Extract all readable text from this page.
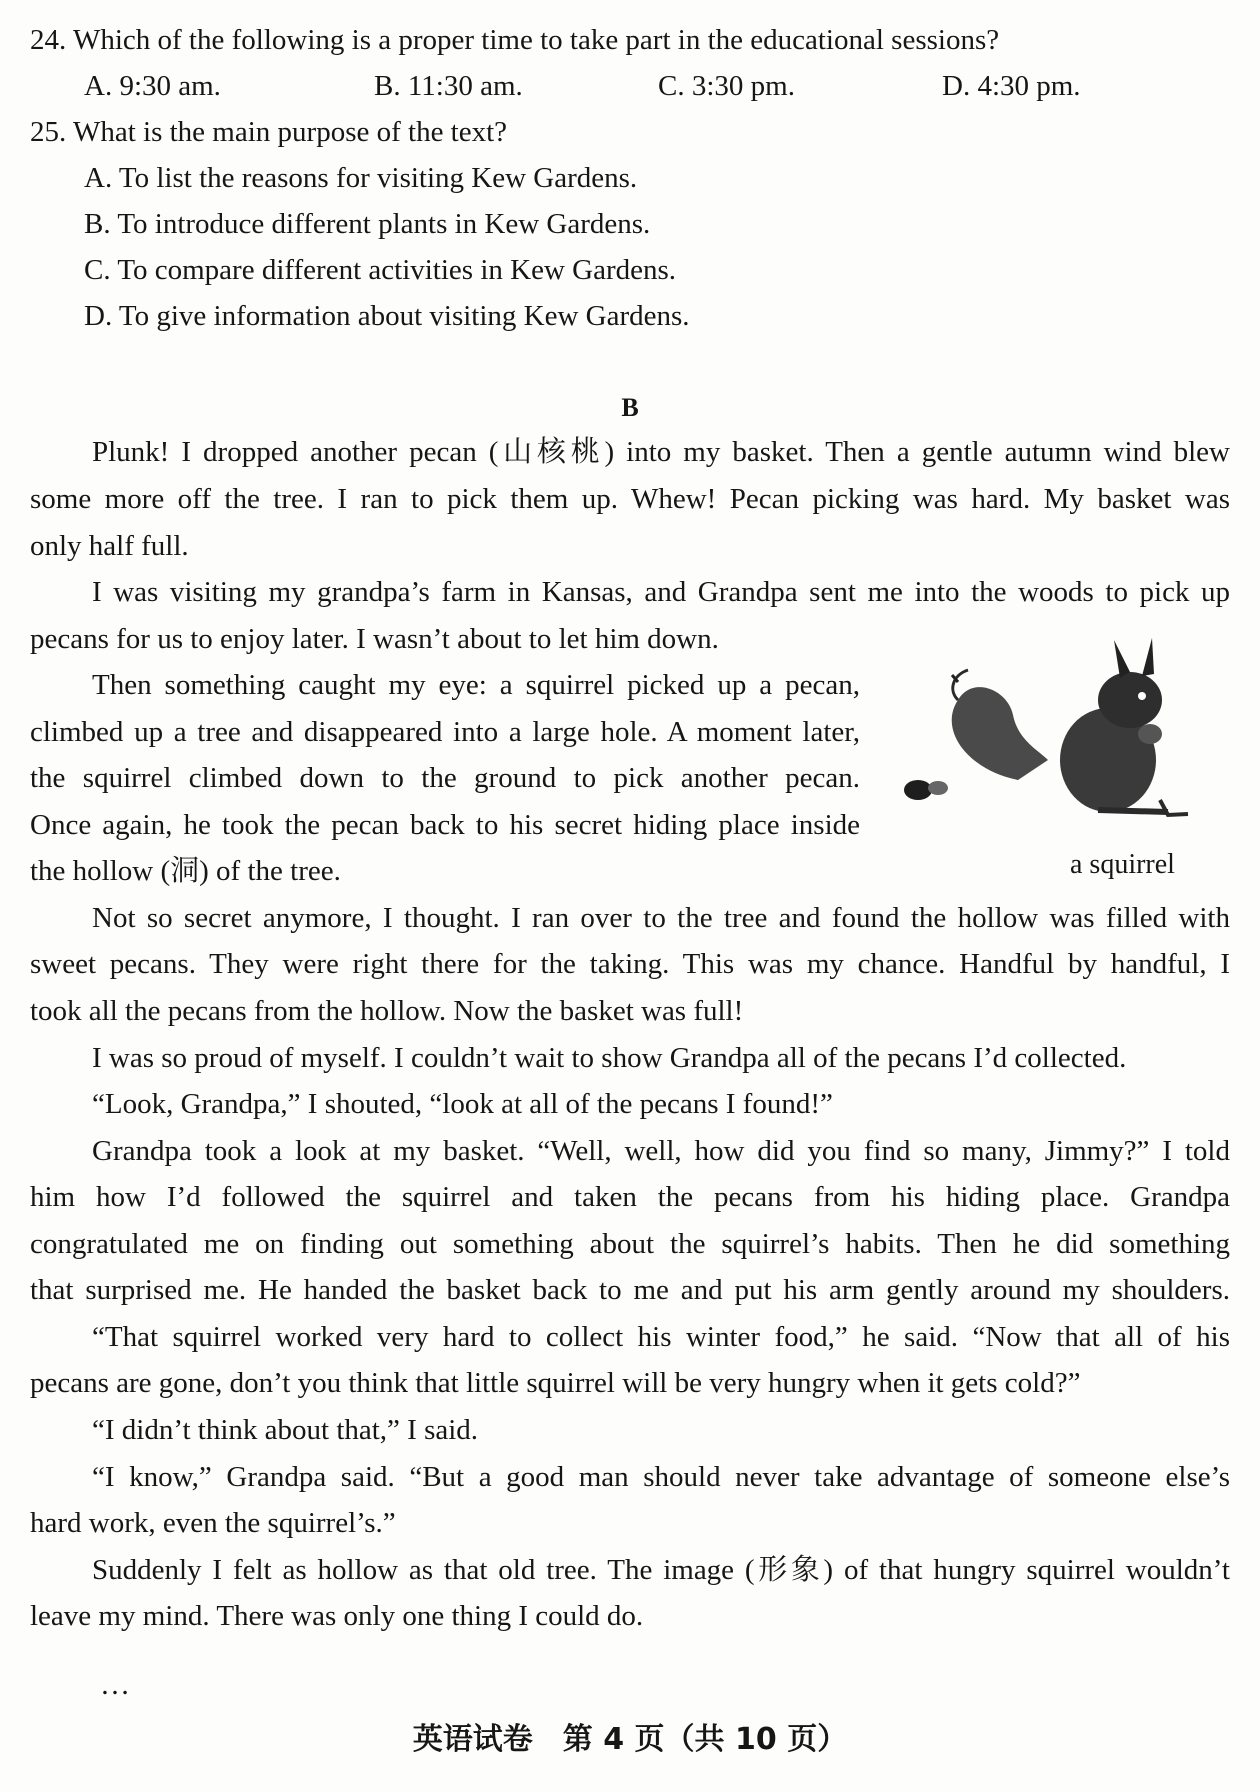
24. Which of the following is a proper time to take part in the educational sessions?
A. 9:30 am.	B. 11:30 am.	C. 3:30 pm.	D. 4:30 pm.
25. What is the main purpose of the text?
A. To list the reasons for visiting Kew Gardens.
B. To introduce different plants in Kew Gardens.
C. To compare different activities in Kew Gardens.
D. To give information about visiting Kew Gardens.
B
Plunk! I dropped another pecan (山核桃) into my basket. Then a gentle autumn wind blew
some more off the tree. I ran to pick them up. Whew! Pecan picking was hard. My basket was
only half full.
I was visiting my grandpa’s farm in Kansas, and Grandpa sent me into the woods to pick up
pecans for us to enjoy later. I wasn’t about to let him down.
Then something caught my eye: a squirrel picked up a pecan,
climbed up a tree and disappeared into a large hole. A moment later,
the squirrel climbed down to the ground to pick another pecan.
Once again, he took the pecan back to his secret hiding place inside
the hollow (洞) of the tree.	a squirrel
Not so secret anymore, I thought. I ran over to the tree and found the hollow was filled with
sweet pecans. They were right there for the taking. This was my chance. Handful by handful, I
took all the pecans from the hollow. Now the basket was full!
I was so proud of myself. I couldn’t wait to show Grandpa all of the pecans I’d collected.
“Look, Grandpa,” I shouted, “look at all of the pecans I found!”
Grandpa took a look at my basket. “Well, well, how did you find so many, Jimmy?” I told
him how I’d followed the squirrel and taken the pecans from his hiding place. Grandpa
congratulated me on finding out something about the squirrel’s habits. Then he did something
that surprised me. He handed the basket back to me and put his arm gently around my shoulders.
“That squirrel worked very hard to collect his winter food,” he said. “Now that all of his
pecans are gone, don’t you think that little squirrel will be very hungry when it gets cold?”
“I didn’t think about that,” I said.
“I know,” Grandpa said. “But a good man should never take advantage of someone else’s
hard work, even the squirrel’s.”
Suddenly I felt as hollow as that old tree. The image (形象) of that hungry squirrel wouldn’t
leave my mind. There was only one thing I could do.
…
英语试卷　第 4 页（共 10 页）
